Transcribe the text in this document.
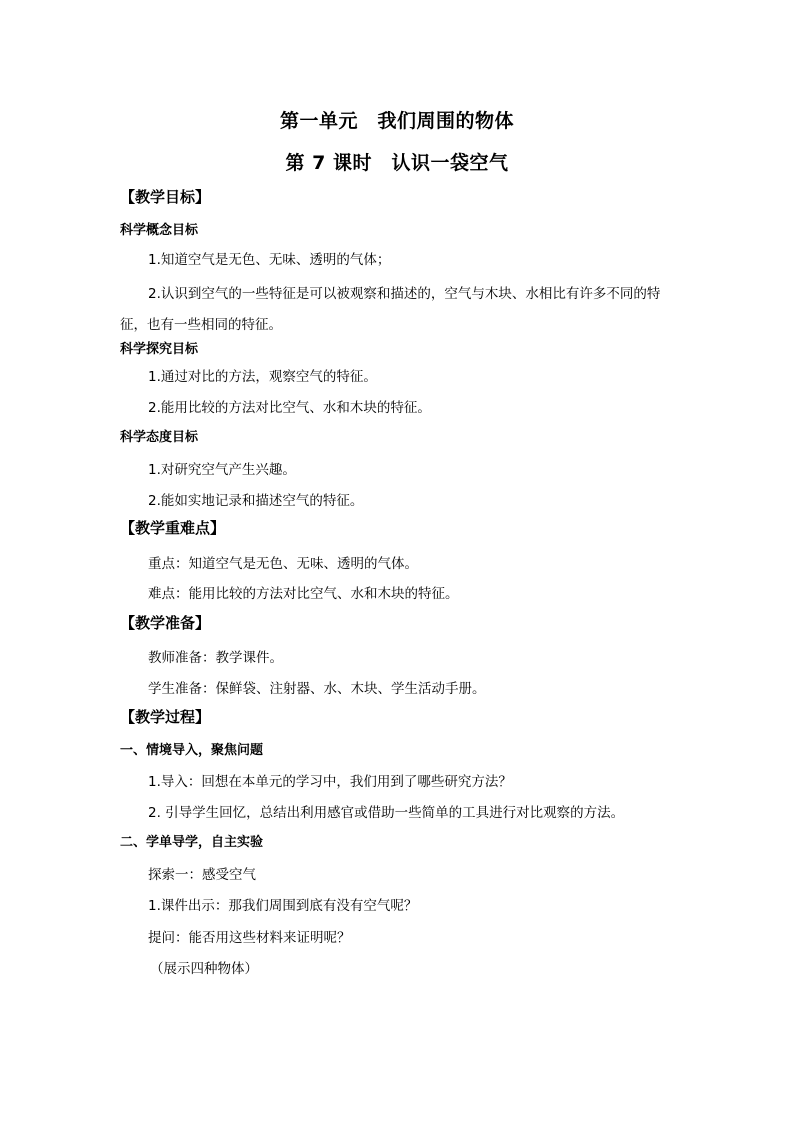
第一单元　我们周围的物体
第 7 课时　认识一袋空气
【教学目标】
科学概念目标
1.知道空气是无色、无味、透明的气体；
2.认识到空气的一些特征是可以被观察和描述的，空气与木块、水相比有许多不同的特
征，也有一些相同的特征。
科学探究目标
1.通过对比的方法，观察空气的特征。
2.能用比较的方法对比空气、水和木块的特征。
科学态度目标
1.对研究空气产生兴趣。
2.能如实地记录和描述空气的特征。
【教学重难点】
重点：知道空气是无色、无味、透明的气体。
难点：能用比较的方法对比空气、水和木块的特征。
【教学准备】
教师准备：教学课件。
学生准备：保鲜袋、注射器、水、木块、学生活动手册。
【教学过程】
一、情境导入，聚焦问题
1.导入：回想在本单元的学习中，我们用到了哪些研究方法？
2. 引导学生回忆，总结出利用感官或借助一些简单的工具进行对比观察的方法。
二、学单导学，自主实验
探索一：感受空气
1.课件出示：那我们周围到底有没有空气呢？
提问：能否用这些材料来证明呢？
（展示四种物体）
